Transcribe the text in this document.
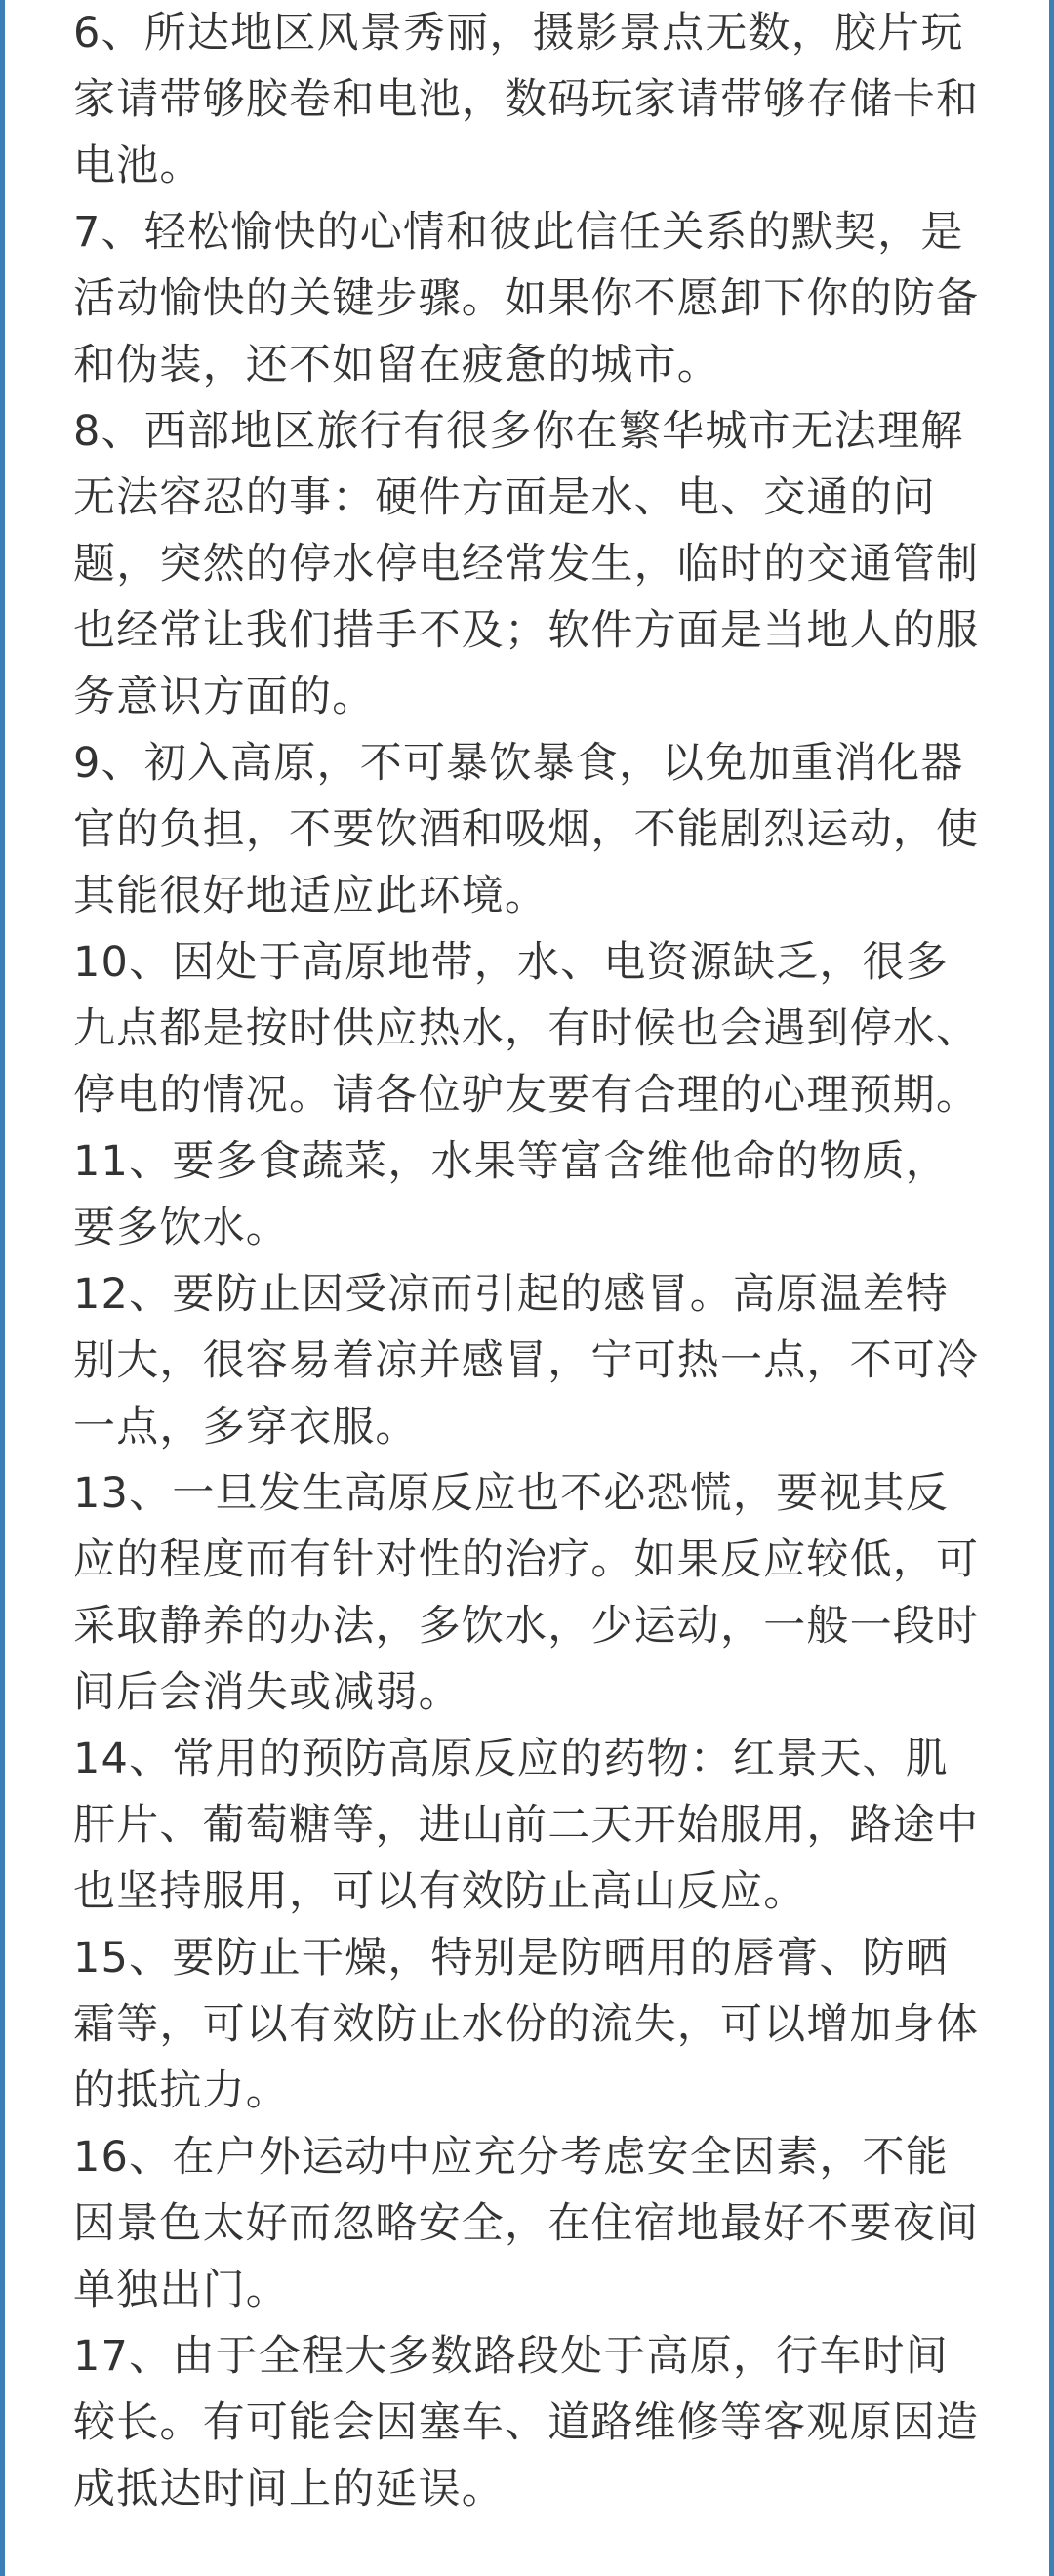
6、所达地区风景秀丽，摄影景点无数，胶片玩家请带够胶卷和电池，数码玩家请带够存储卡和电池。

7、轻松愉快的心情和彼此信任关系的默契，是活动愉快的关键步骤。如果你不愿卸下你的防备和伪装，还不如留在疲惫的城市。

8、西部地区旅行有很多你在繁华城市无法理解无法容忍的事：硬件方面是水、电、交通的问题，突然的停水停电经常发生，临时的交通管制也经常让我们措手不及；软件方面是当地人的服务意识方面的。

9、初入高原，不可暴饮暴食，以免加重消化器官的负担，不要饮酒和吸烟，不能剧烈运动，使其能很好地适应此环境。

10、因处于高原地带，水、电资源缺乏，很多九点都是按时供应热水，有时候也会遇到停水、停电的情况。请各位驴友要有合理的心理预期。

11、要多食蔬菜，水果等富含维他命的物质，要多饮水。

12、要防止因受凉而引起的感冒。高原温差特别大，很容易着凉并感冒，宁可热一点，不可冷一点，多穿衣服。

13、一旦发生高原反应也不必恐慌，要视其反应的程度而有针对性的治疗。如果反应较低，可采取静养的办法，多饮水，少运动，一般一段时间后会消失或减弱。

14、常用的预防高原反应的药物：红景天、肌肝片、葡萄糖等，进山前二天开始服用，路途中也坚持服用，可以有效防止高山反应。

15、要防止干燥，特别是防晒用的唇膏、防晒霜等，可以有效防止水份的流失，可以增加身体的抵抗力。

16、在户外运动中应充分考虑安全因素，不能因景色太好而忽略安全，在住宿地最好不要夜间单独出门。

17、由于全程大多数路段处于高原，行车时间较长。有可能会因塞车、道路维修等客观原因造成抵达时间上的延误。
